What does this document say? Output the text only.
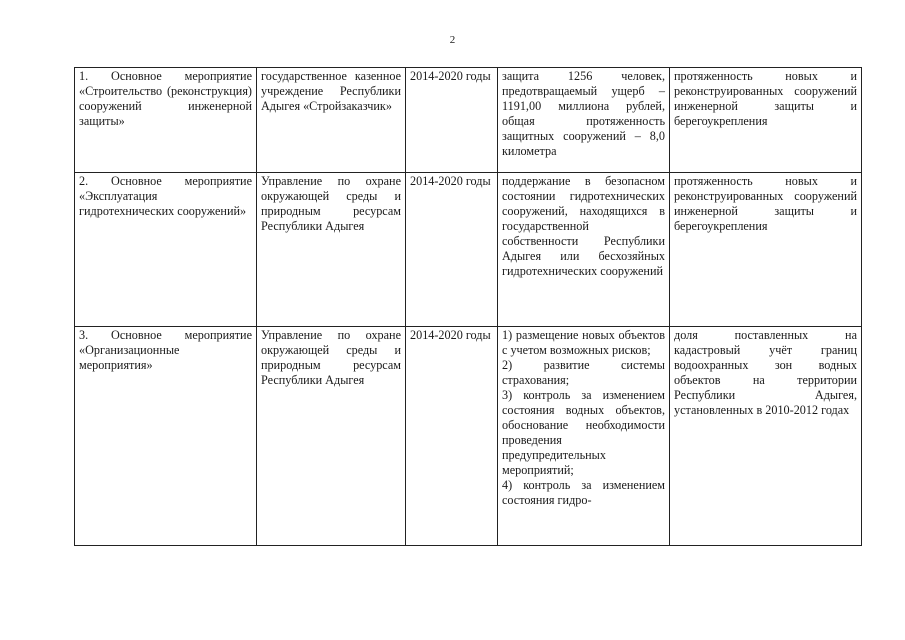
2
1. Основное мероприятие «Строительство (реконструкция) сооружений инженерной защиты»	государственное казенное учреждение Республики Адыгея «Стройзаказчик»	2014-2020 годы	защита 1256 человек, предотвращаемый ущерб – 1191,00 миллиона рублей, общая протяженность защитных сооружений – 8,0 километра	протяженность новых и реконструированных сооружений инженерной защиты и берегоукрепления
2. Основное мероприятие «Эксплуатация гидротехнических сооружений»	Управление по охране окружающей среды и природным ресурсам Республики Адыгея	2014-2020 годы	поддержание в безопасном состоянии гидротехнических сооружений, находящихся в государственной собственности Республики Адыгея или бесхозяйных гидротехнических сооружений	протяженность новых и реконструированных сооружений инженерной защиты и берегоукрепления
3. Основное мероприятие «Организационные мероприятия»	Управление по охране окружающей среды и природным ресурсам Республики Адыгея	2014-2020 годы	1) размещение новых объектов с учетом возможных рисков;
2) развитие системы страхования;
3) контроль за изменением состояния водных объектов, обоснование необходимости проведения предупредительных мероприятий;
4) контроль за изменением состояния гидро-	доля поставленных на кадастровый учёт границ водоохранных зон водных объектов на территории Республики Адыгея, установленных в 2010-2012 годах
